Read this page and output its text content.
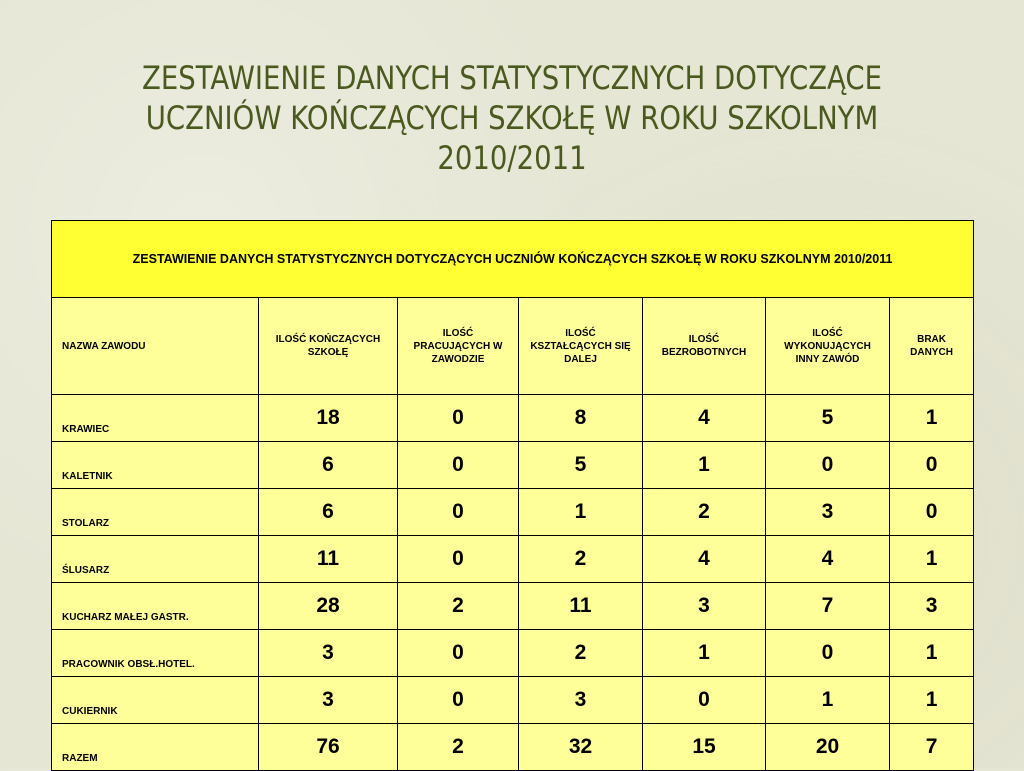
ZESTAWIENIE DANYCH STATYSTYCZNYCH DOTYCZĄCE
UCZNIÓW KOŃCZĄCYCH SZKOŁĘ W ROKU SZKOLNYM
2010/2011
ZESTAWIENIE DANYCH STATYSTYCZNYCH DOTYCZĄCYCH UCZNIÓW KOŃCZĄCYCH SZKOŁĘ W ROKU SZKOLNYM 2010/2011						
NAZWA ZAWODU	ILOŚĆ KOŃCZĄCYCH SZKOŁĘ	ILOŚĆ PRACUJĄCYCH W ZAWODZIE	ILOŚĆ KSZTAŁCĄCYCH SIĘ DALEJ	ILOŚĆ BEZROBOTNYCH	ILOŚĆ WYKONUJĄCYCH INNY ZAWÓD	BRAK DANYCH
KRAWIEC	18	0	8	4	5	1
KALETNIK	6	0	5	1	0	0
STOLARZ	6	0	1	2	3	0
ŚLUSARZ	11	0	2	4	4	1
KUCHARZ MAŁEJ GASTR.	28	2	11	3	7	3
PRACOWNIK OBSŁ.HOTEL.	3	0	2	1	0	1
CUKIERNIK	3	0	3	0	1	1
RAZEM	76	2	32	15	20	7
